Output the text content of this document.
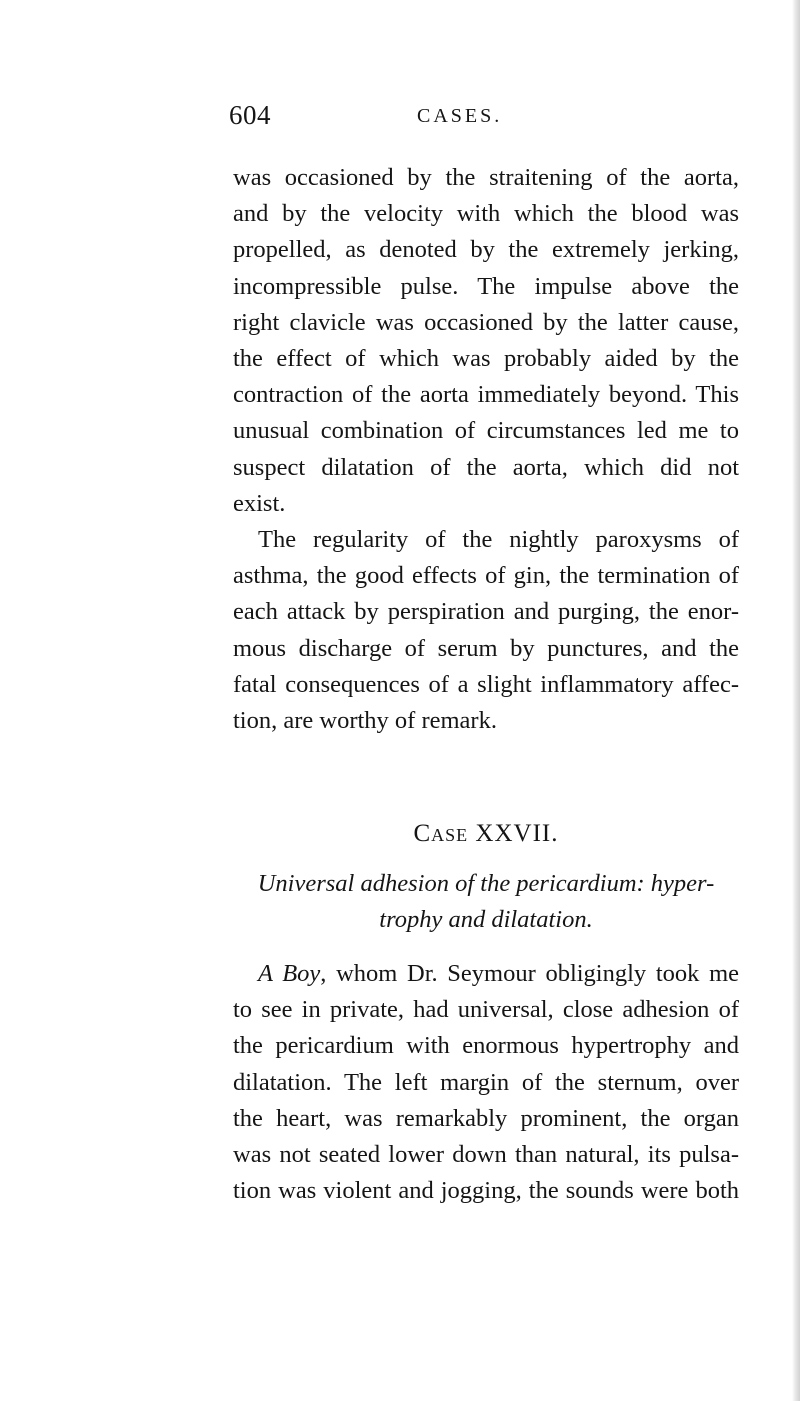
604	CASES.
was occasioned by the straitening of the aorta,
and by the velocity with which the blood was
propelled, as denoted by the extremely jerking,
incompressible pulse. The impulse above the
right clavicle was occasioned by the latter cause,
the effect of which was probably aided by the
contraction of the aorta immediately beyond. This
unusual combination of circumstances led me to
suspect dilatation of the aorta, which did not
exist.
The regularity of the nightly paroxysms of
asthma, the good effects of gin, the termination of
each attack by perspiration and purging, the enor-
mous discharge of serum by punctures, and the
fatal consequences of a slight inflammatory affec-
tion, are worthy of remark.
Case XXVII.
Universal adhesion of the pericardium: hyper-
trophy and dilatation.
A Boy, whom Dr. Seymour obligingly took me
to see in private, had universal, close adhesion of
the pericardium with enormous hypertrophy and
dilatation. The left margin of the sternum, over
the heart, was remarkably prominent, the organ
was not seated lower down than natural, its pulsa-
tion was violent and jogging, the sounds were both
